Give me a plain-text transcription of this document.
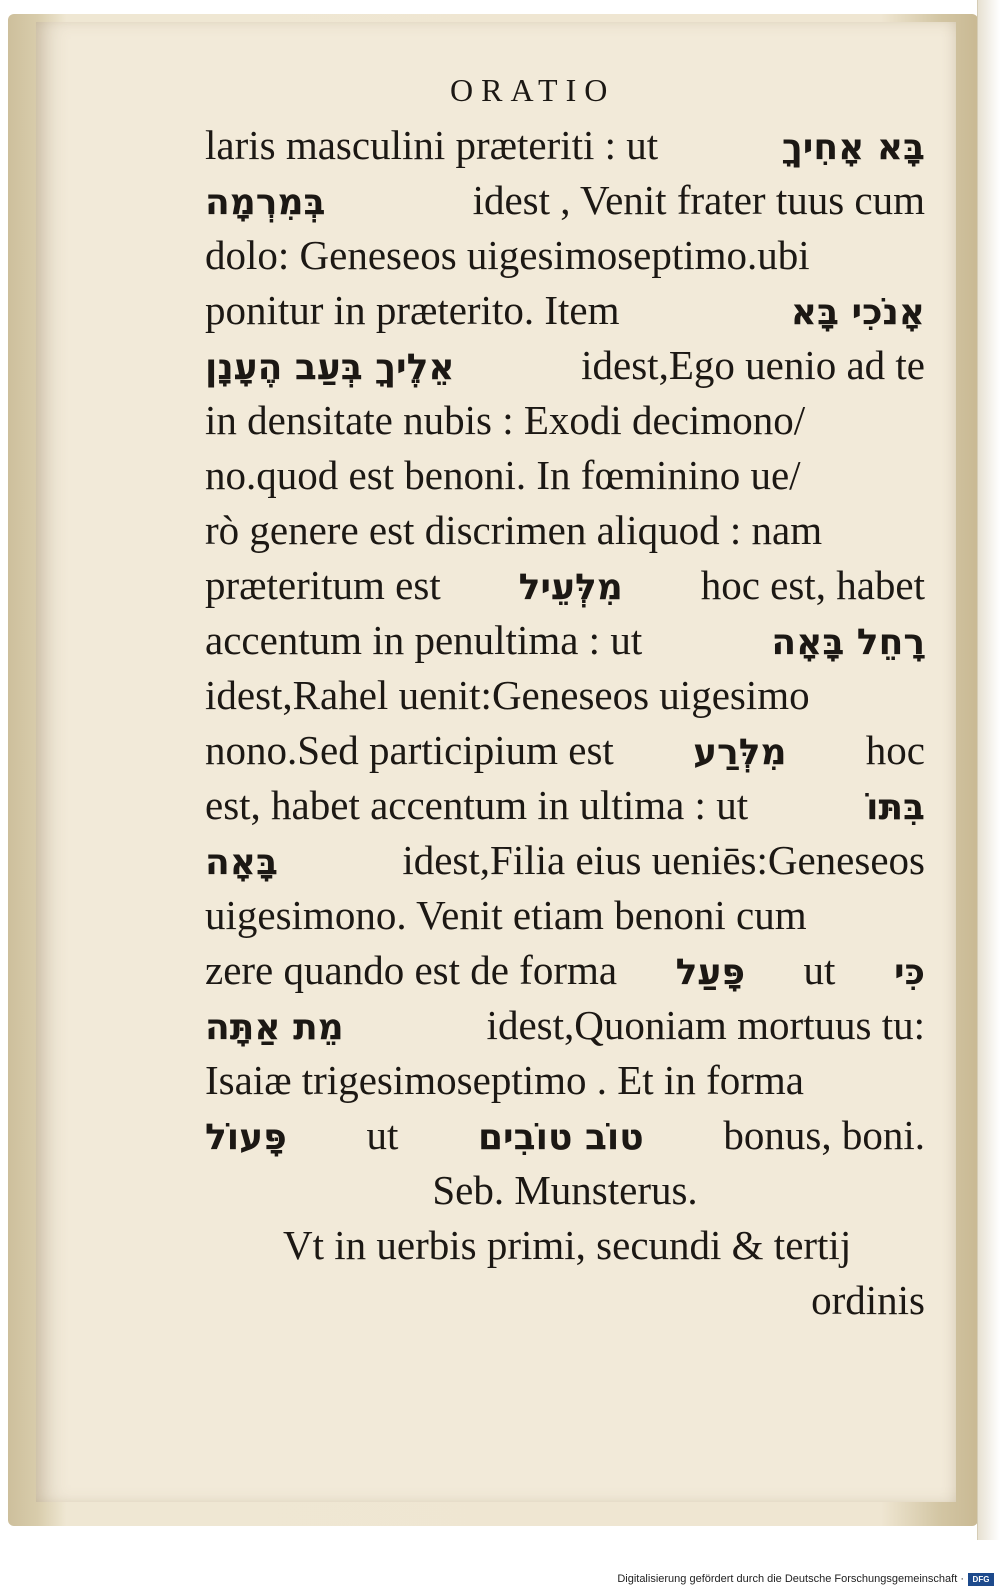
ORATIO
laris masculini præteriti : ut	בָּא אָחִיךָ
בְּמִרְמָה	idest , Venit frater tuus cum
dolo: Geneseos uigesimoseptimo.ubi
ponitur in præterito. Item	אָנֹכִי בָּא
אֵלֶיךָ בְּעַב הֶעָנָן	idest,Ego uenio ad te
in densitate nubis : Exodi decimono/
no.quod est benoni. In fœminino ue/
rò genere est discrimen aliquod : nam
præteritum est מִלְּעֵיל hoc est, habet
accentum in penultima : ut	רָחֵל בָּאָה
idest,Rahel uenit:Geneseos uigesimo
nono.Sed participium est מִלְּרַע hoc
est, habet accentum in ultima : ut	בִּתּוֹ
בָּאָה	idest,Filia eius ueniēs:Geneseos
uigesimono. Venit etiam benoni cum
zere quando est de forma פָּעַל ut כִּי
מֵת אַתָּה	idest,Quoniam mortuus tu:
Isaiæ trigesimoseptimo . Et in forma
פָּעוֹל ut טוֹב טוֹבִים bonus, boni.
Seb. Munsterus.
Vt in uerbis primi, secundi & tertij
ordinis
Digitalisierung gefördert durch die Deutsche Forschungsgemeinschaft ·	DFG
